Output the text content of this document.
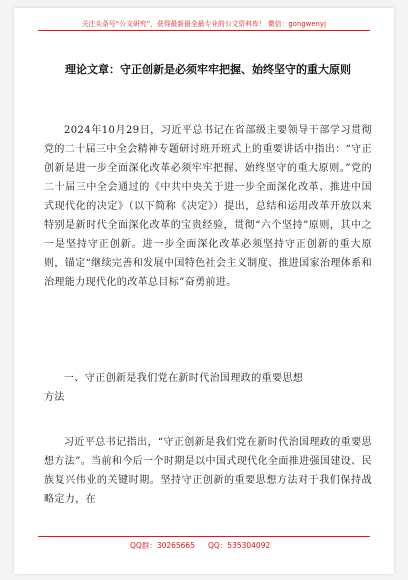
关注头条号“公文研究”，获得最新最全最专业的公文资料库！ 微信：gongwenyj
理论文章：守正创新是必须牢牢把握、始终坚守的重大原则

2024年10月29日，习近平总书记在省部级主要领导干部学习贯彻党的二十届三中全会精神专题研讨班开班式上的重要讲话中指出：“守正创新是进一步全面深化改革必须牢牢把握、始终坚守的重大原则。”党的二十届三中全会通过的《中共中央关于进一步全面深化改革、推进中国式现代化的决定》（以下简称《决定》）提出，总结和运用改革开放以来特别是新时代全面深化改革的宝贵经验，贯彻“六个坚持”原则，其中之一是坚持守正创新。进一步全面深化改革必须坚持守正创新的重大原则，锚定“继续完善和发展中国特色社会主义制度、推进国家治理体系和治理能力现代化的改革总目标”奋勇前进。

一、守正创新是我们党在新时代治国理政的重要思想
方法

习近平总书记指出，“守正创新是我们党在新时代治国理政的重要思想方法”。当前和今后一个时期是以中国式现代化全面推进强国建设、民族复兴伟业的关键时期。坚持守正创新的重要思想方法对于我们保持战略定力，在

QQ群：30265665 QQ：535304092
